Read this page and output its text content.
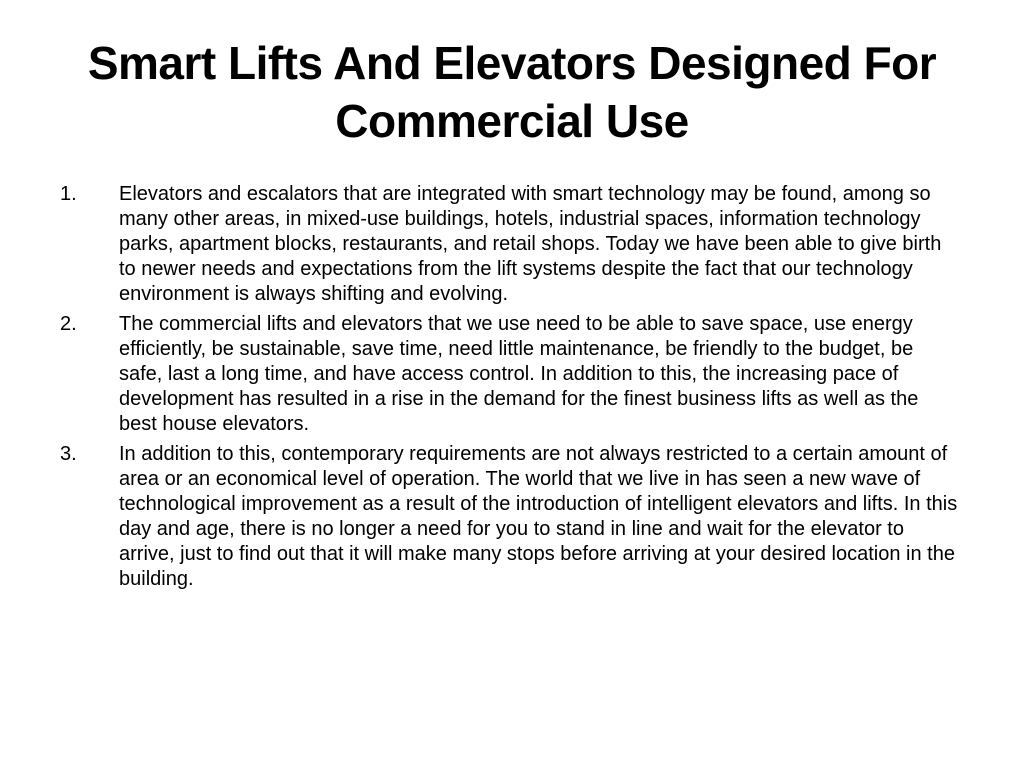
Smart Lifts And Elevators Designed For Commercial Use
1.	Elevators and escalators that are integrated with smart technology may be found, among so many other areas, in mixed-use buildings, hotels, industrial spaces, information technology parks, apartment blocks, restaurants, and retail shops. Today we have been able to give birth to newer needs and expectations from the lift systems despite the fact that our technology environment is always shifting and evolving.
2.	The commercial lifts and elevators that we use need to be able to save space, use energy efficiently, be sustainable, save time, need little maintenance, be friendly to the budget, be safe, last a long time, and have access control. In addition to this, the increasing pace of development has resulted in a rise in the demand for the finest business lifts as well as the best house elevators.
3.	In addition to this, contemporary requirements are not always restricted to a certain amount of area or an economical level of operation. The world that we live in has seen a new wave of technological improvement as a result of the introduction of intelligent elevators and lifts. In this day and age, there is no longer a need for you to stand in line and wait for the elevator to arrive, just to find out that it will make many stops before arriving at your desired location in the building.
